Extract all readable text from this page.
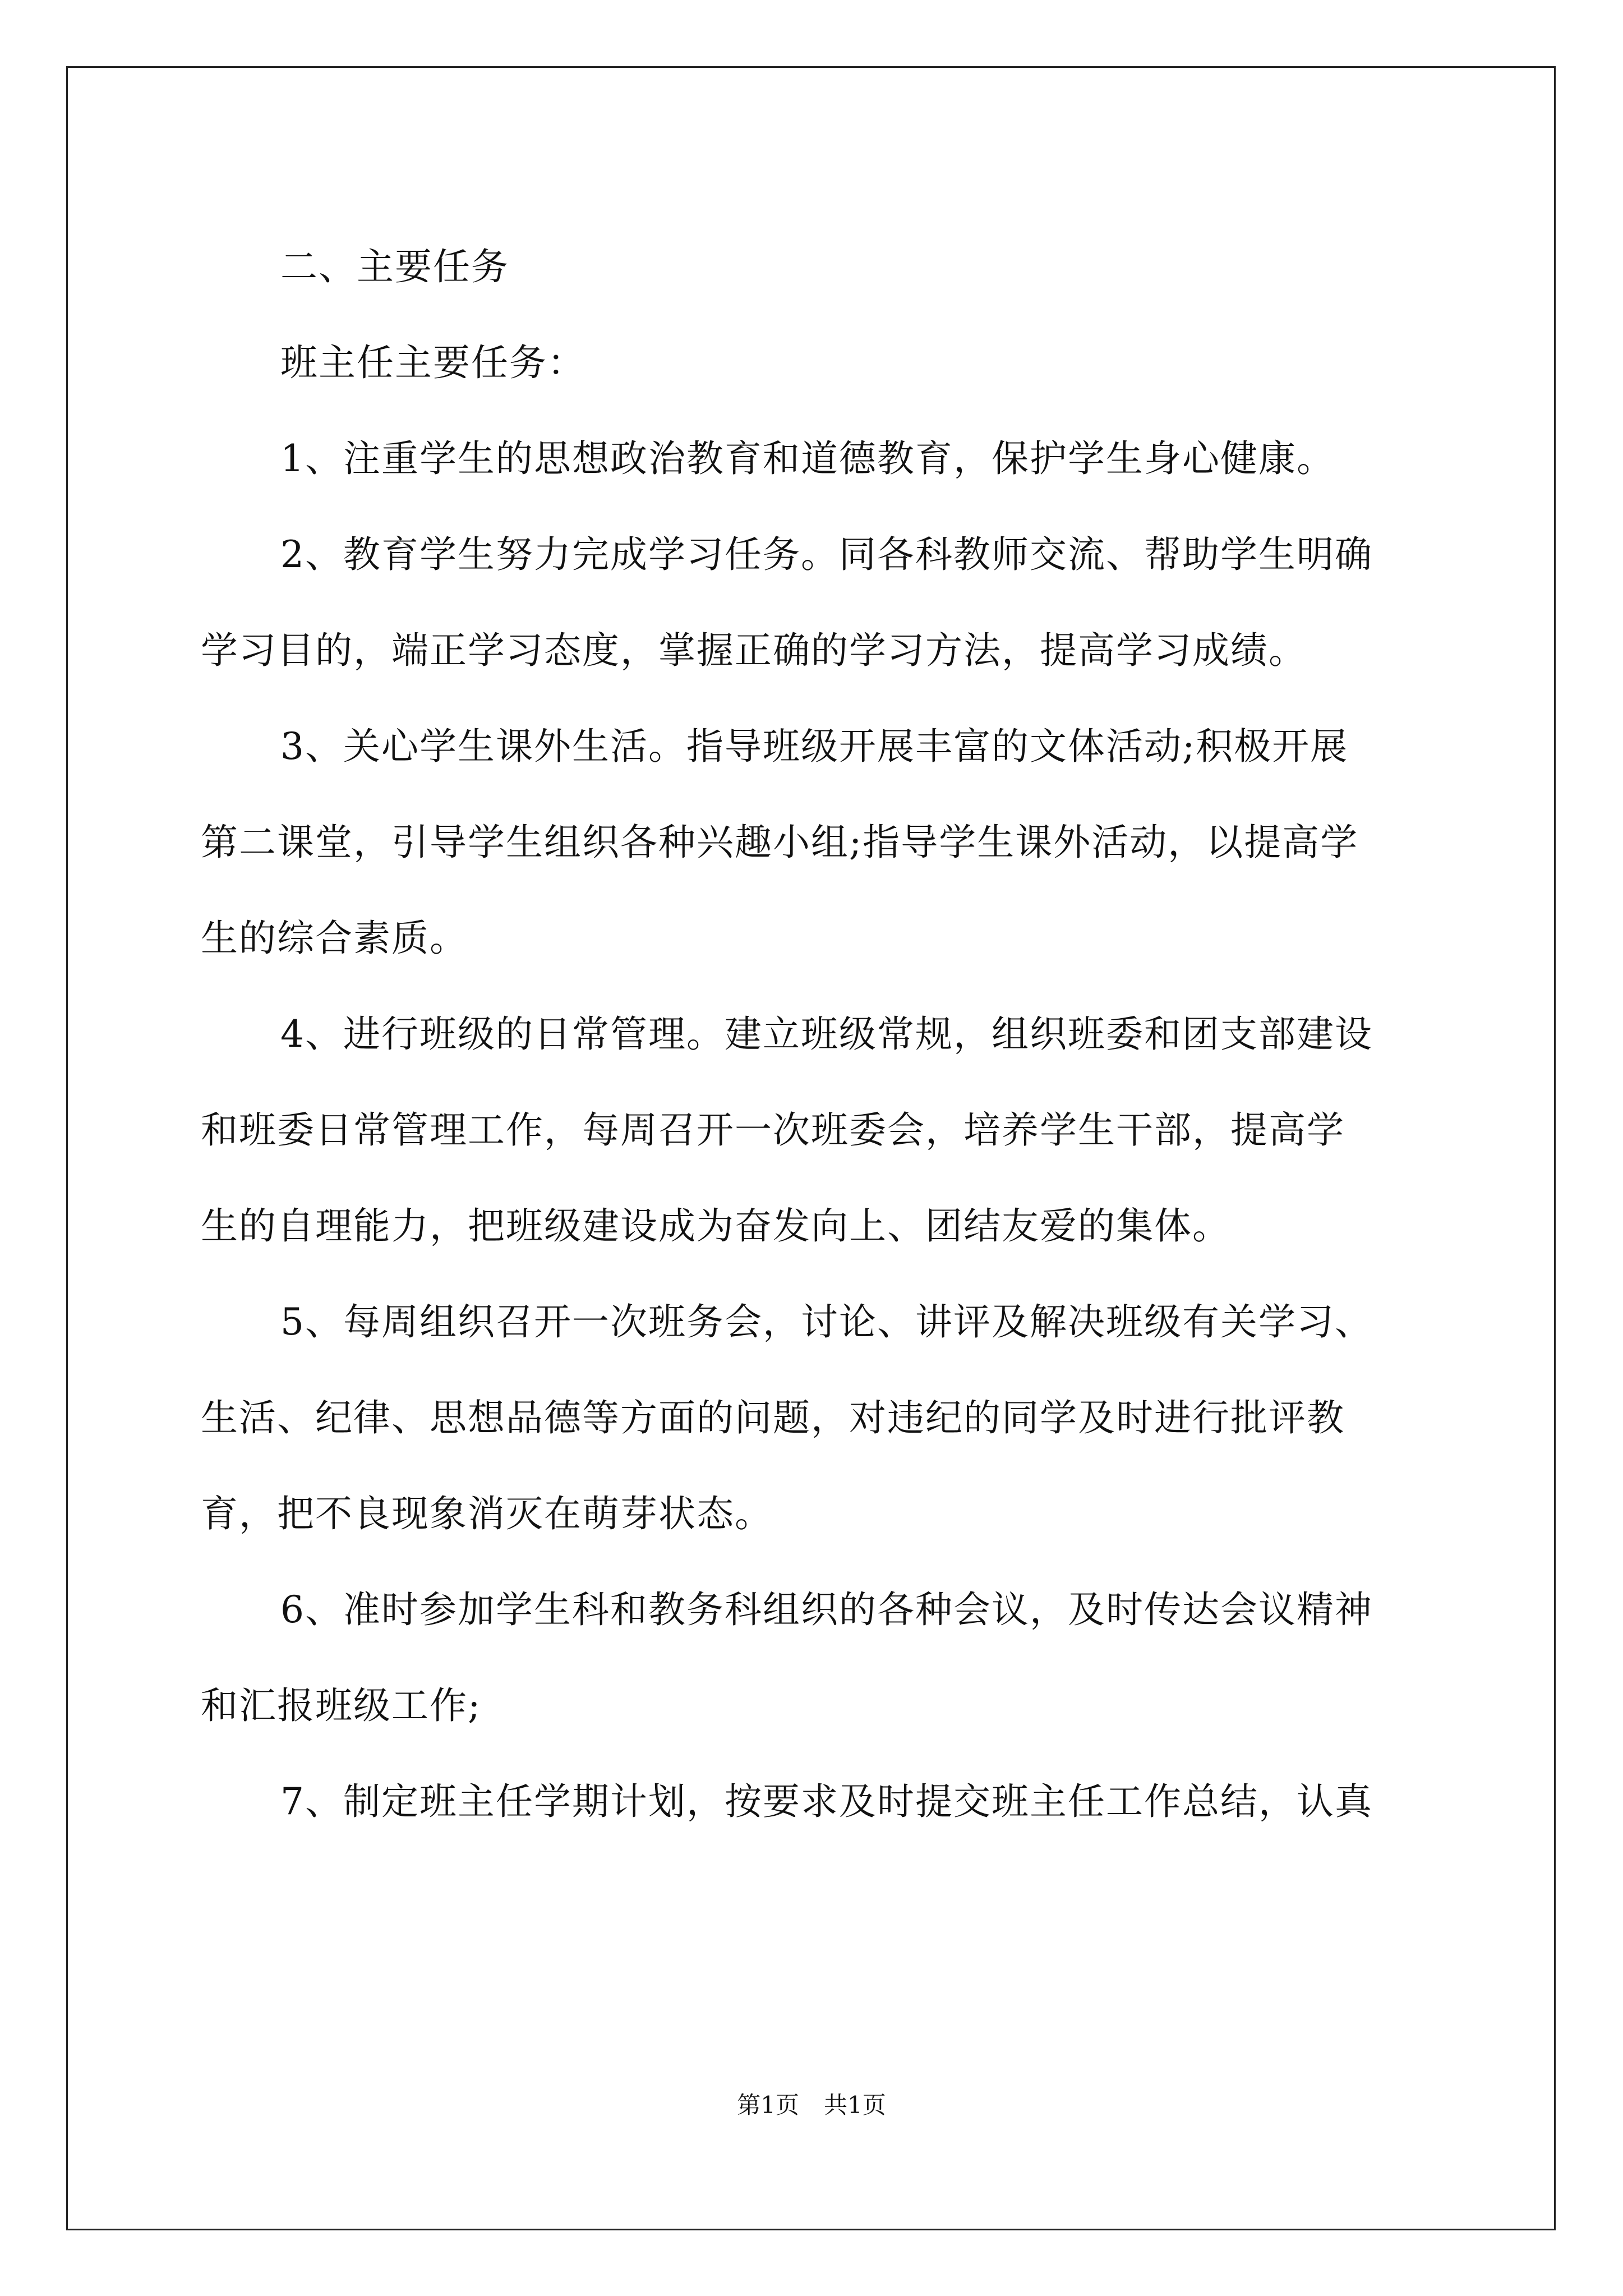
二、主要任务
班主任主要任务：
1、注重学生的思想政治教育和道德教育，保护学生身心健康。
2、教育学生努力完成学习任务。同各科教师交流、帮助学生明确
学习目的，端正学习态度，掌握正确的学习方法，提高学习成绩。
3、关心学生课外生活。指导班级开展丰富的文体活动;积极开展
第二课堂，引导学生组织各种兴趣小组;指导学生课外活动，以提高学
生的综合素质。
4、进行班级的日常管理。建立班级常规，组织班委和团支部建设
和班委日常管理工作，每周召开一次班委会，培养学生干部，提高学
生的自理能力，把班级建设成为奋发向上、团结友爱的集体。
5、每周组织召开一次班务会，讨论、讲评及解决班级有关学习、
生活、纪律、思想品德等方面的问题，对违纪的同学及时进行批评教
育，把不良现象消灭在萌芽状态。
6、准时参加学生科和教务科组织的各种会议，及时传达会议精神
和汇报班级工作;
7、制定班主任学期计划，按要求及时提交班主任工作总结，认真
第1页 共1页
